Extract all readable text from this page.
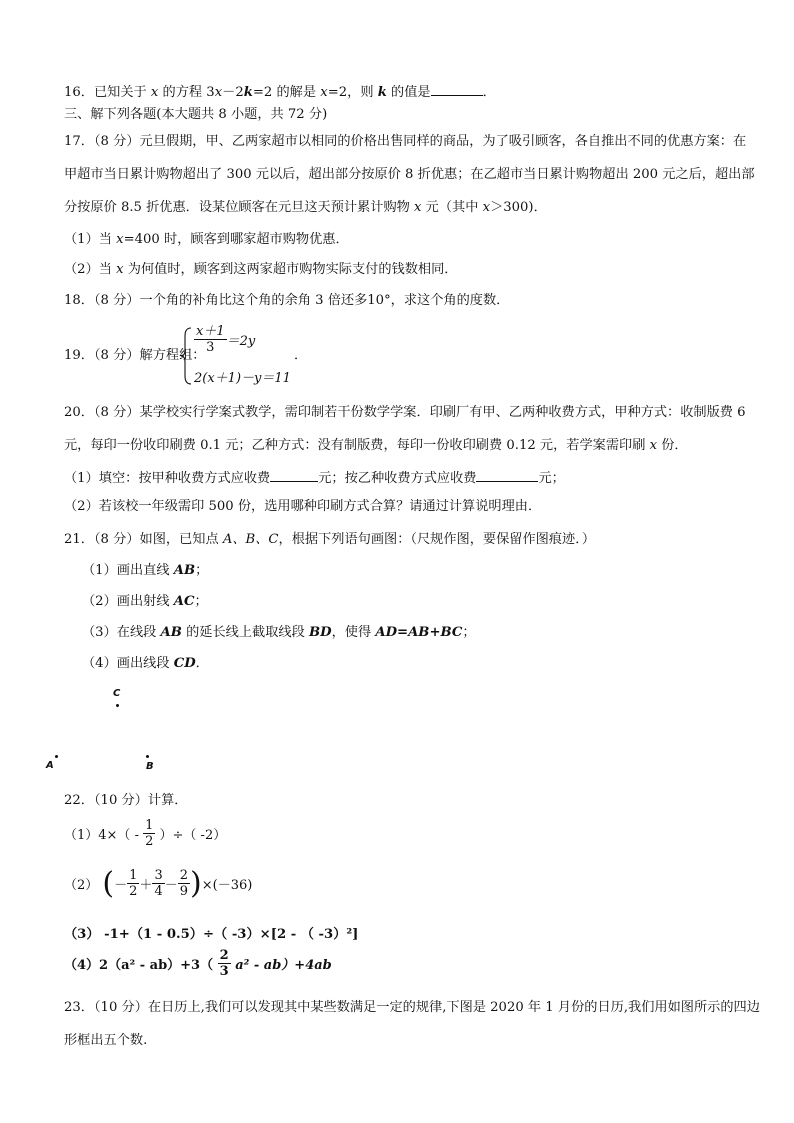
16．已知关于 x 的方程 3x－2k=2 的解是 x=2，则 k 的值是	．
三、解下列各题(本大题共 8 小题，共 72 分)
17．（8 分）元旦假期，甲、乙两家超市以相同的价格出售同样的商品，为了吸引顾客，各自推出不同的优惠方案：在
甲超市当日累计购物超出了 300 元以后，超出部分按原价 8 折优惠；在乙超市当日累计购物超出 200 元之后，超出部
分按原价 8.5 折优惠．设某位顾客在元旦这天预计累计购物 x 元（其中 x＞300)．
（1）当 x=400 时，顾客到哪家超市购物优惠．
（2）当 x 为何值时，顾客到这两家超市购物实际支付的钱数相同．
18．（8 分）一个角的补角比这个角的余角 3 倍还多10°，求这个角的度数．
19．（8 分）解方程组：
$\frac{x+1}{3} =2y$
2(x＋1)－y＝11
．
20．（8 分）某学校实行学案式教学，需印制若干份数学学案．印刷厂有甲、乙两种收费方式，甲种方式：收制版费 6
元，每印一份收印刷费 0.1 元；乙种方式：没有制版费，每印一份收印刷费 0.12 元，若学案需印刷 x 份．
（1）填空：按甲种收费方式应收费	元；按乙种收费方式应收费	元；
（2）若该校一年级需印 500 份，选用哪种印刷方式合算？请通过计算说明理由．
21．（8 分）如图，已知点 A、B、C，根据下列语句画图：（尺规作图，要保留作图痕迹．）
（1）画出直线 AB；
（2）画出射线 AC；
（3）在线段 AB 的延长线上截取线段 BD，使得 AD=AB+BC；
（4）画出线段 CD．
C
A	B
22．（10 分）计算．
$(1)4\times( - \frac{1}{2}$ ）÷（ -2）
（2） (－ $\frac{1}{2} + \frac{3}{4} - \frac{2}{9} )\times(-36)$
（3） -1+（1 - 0.5）÷（ -3）×[2 - （ -3）²]
$(4)2(a^2 - ab)+3( \frac{2}{3} a^2 - ab)+4ab$
23．（10 分）在日历上,我们可以发现其中某些数满足一定的规律,下图是 2020 年 1 月份的日历,我们用如图所示的四边
形框出五个数.
